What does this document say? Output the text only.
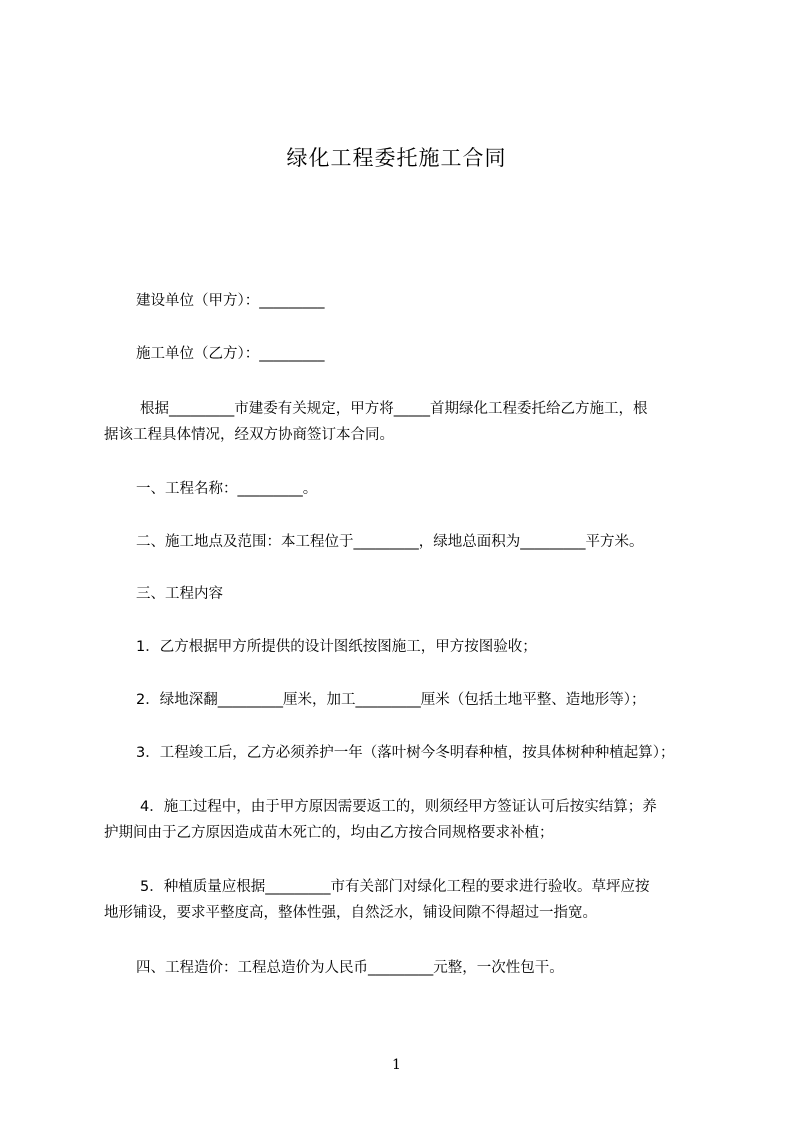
绿化工程委托施工合同
建设单位（甲方）：_________
施工单位（乙方）：_________
根据_________市建委有关规定，甲方将_____首期绿化工程委托给乙方施工，根
据该工程具体情况，经双方协商签订本合同。
一、工程名称：_________。
二、施工地点及范围：本工程位于_________，绿地总面积为_________平方米。
三、工程内容
1．乙方根据甲方所提供的设计图纸按图施工，甲方按图验收；
2．绿地深翻_________厘米，加工_________厘米（包括土地平整、造地形等）；
3．工程竣工后，乙方必须养护一年（落叶树今冬明春种植，按具体树种种植起算）；
4．施工过程中，由于甲方原因需要返工的，则须经甲方签证认可后按实结算；养
护期间由于乙方原因造成苗木死亡的，均由乙方按合同规格要求补植；
5．种植质量应根据_________市有关部门对绿化工程的要求进行验收。草坪应按
地形铺设，要求平整度高，整体性强，自然泛水，铺设间隙不得超过一指宽。
四、工程造价：工程总造价为人民币_________元整，一次性包干。
1
